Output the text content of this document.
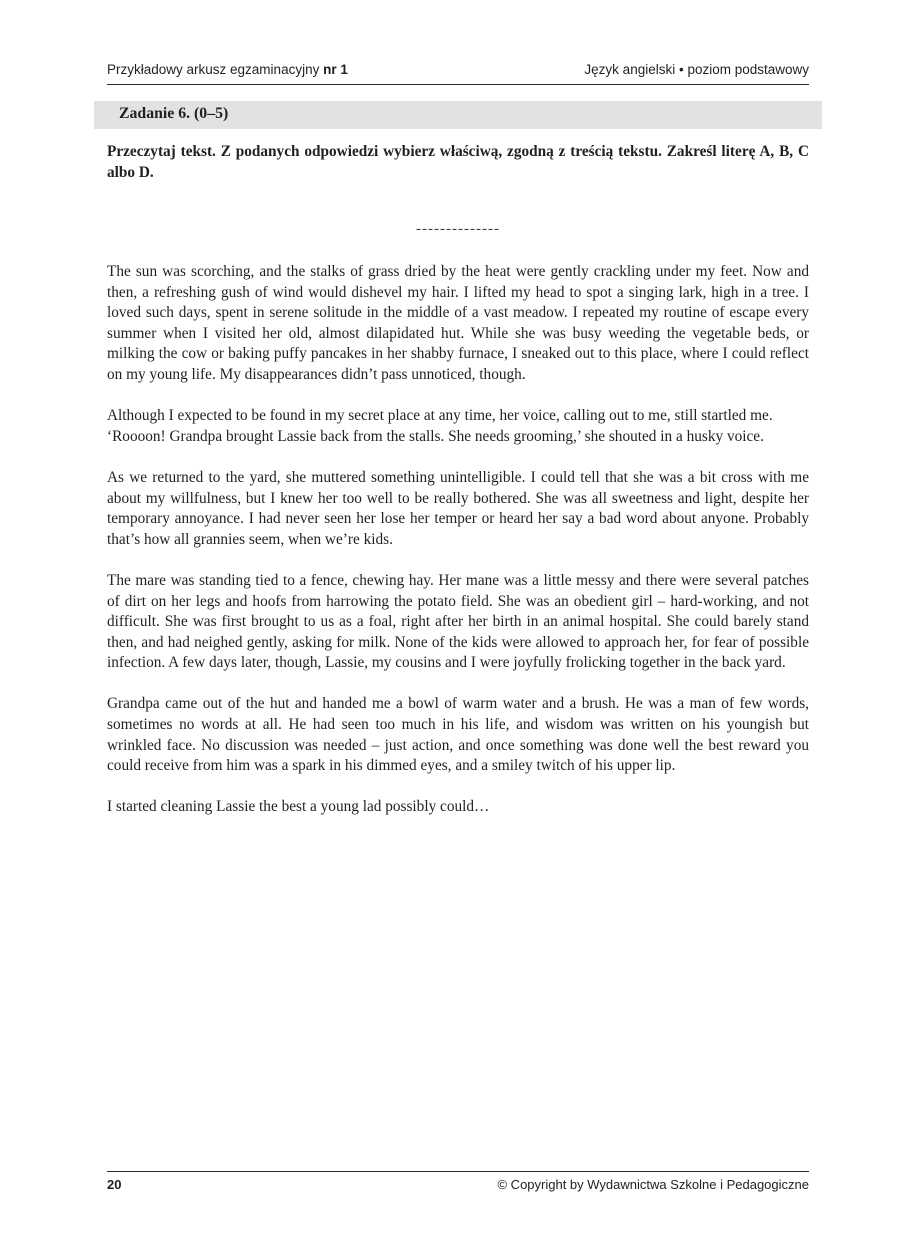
Przykładowy arkusz egzaminacyjny nr 1	Język angielski • poziom podstawowy
Zadanie 6. (0–5)
Przeczytaj tekst. Z podanych odpowiedzi wybierz właściwą, zgodną z treścią tekstu. Zakreśl literę A, B, C albo D.
--------------
The sun was scorching, and the stalks of grass dried by the heat were gently crackling under my feet. Now and then, a refreshing gush of wind would dishevel my hair. I lifted my head to spot a singing lark, high in a tree. I loved such days, spent in serene solitude in the middle of a vast meadow. I repeated my routine of escape every summer when I visited her old, almost dilapidated hut. While she was busy weeding the vegetable beds, or milking the cow or baking puffy pancakes in her shabby furnace, I sneaked out to this place, where I could reflect on my young life. My disappearances didn’t pass unnoticed, though.
Although I expected to be found in my secret place at any time, her voice, calling out to me, still startled me.
‘Roooon! Grandpa brought Lassie back from the stalls. She needs grooming,’ she shouted in a husky voice.
As we returned to the yard, she muttered something unintelligible. I could tell that she was a bit cross with me about my willfulness, but I knew her too well to be really bothered. She was all sweetness and light, despite her temporary annoyance. I had never seen her lose her temper or heard her say a bad word about anyone. Probably that’s how all grannies seem, when we’re kids.
The mare was standing tied to a fence, chewing hay. Her mane was a little messy and there were several patches of dirt on her legs and hoofs from harrowing the potato field. She was an obedient girl – hard-working, and not difficult. She was first brought to us as a foal, right after her birth in an animal hospital. She could barely stand then, and had neighed gently, asking for milk. None of the kids were allowed to approach her, for fear of possible infection. A few days later, though, Lassie, my cousins and I were joyfully frolicking together in the back yard.
Grandpa came out of the hut and handed me a bowl of warm water and a brush. He was a man of few words, sometimes no words at all. He had seen too much in his life, and wisdom was written on his youngish but wrinkled face. No discussion was needed – just action, and once something was done well the best reward you could receive from him was a spark in his dimmed eyes, and a smiley twitch of his upper lip.
I started cleaning Lassie the best a young lad possibly could…
20	© Copyright by Wydawnictwa Szkolne i Pedagogiczne
